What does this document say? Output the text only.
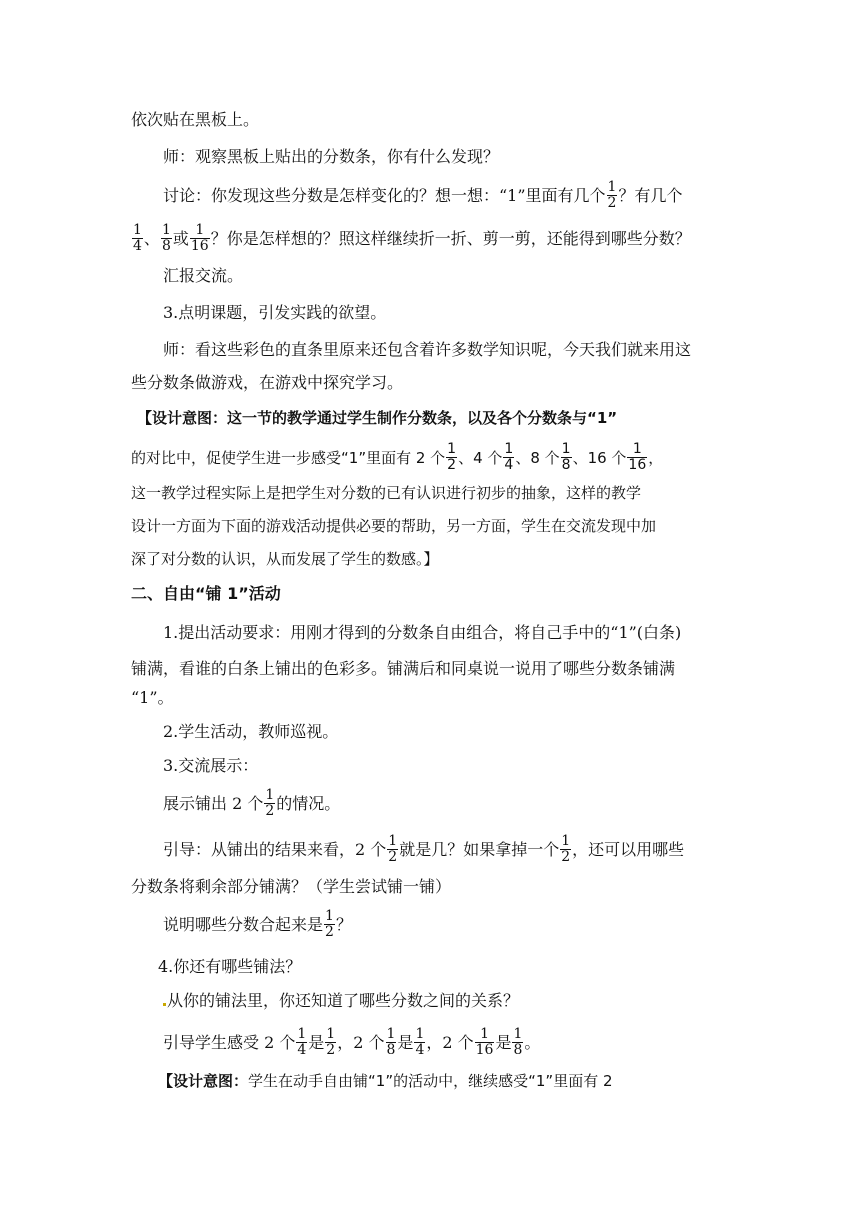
依次贴在黑板上。
师：观察黑板上贴出的分数条，你有什么发现？
讨论：你发现这些分数是怎样变化的？想一想：“1”里面有几个 $\frac{1}{2}$ ？有几个
$\frac{1}{4}$ 、 $\frac{1}{8}$ 或 $\frac{1}{16}$ ？你是怎样想的？照这样继续折一折、剪一剪，还能得到哪些分数？
汇报交流。
3.点明课题，引发实践的欲望。
师：看这些彩色的直条里原来还包含着许多数学知识呢，今天我们就来用这
些分数条做游戏，在游戏中探究学习。
【设计意图：这一节的教学通过学生制作分数条，以及各个分数条与“1”
的对比中，促使学生进一步感受“1”里面有 2 个 $\frac{1}{2}$ 、4 个 $\frac{1}{4}$ 、8 个 $\frac{1}{8}$ 、16 个 $\frac{1}{16}$ ，
这一教学过程实际上是把学生对分数的已有认识进行初步的抽象，这样的教学
设计一方面为下面的游戏活动提供必要的帮助，另一方面，学生在交流发现中加
深了对分数的认识，从而发展了学生的数感。】
二、自由“铺 1”活动
1.提出活动要求：用刚才得到的分数条自由组合，将自己手中的“1”(白条)
铺满，看谁的白条上铺出的色彩多。铺满后和同桌说一说用了哪些分数条铺满
“1”。
2.学生活动，教师巡视。
3.交流展示：
展示铺出 2 个 $\frac{1}{2}$ 的情况。
引导：从铺出的结果来看，2 个 $\frac{1}{2}$ 就是几？如果拿掉一个 $\frac{1}{2}$ ，还可以用哪些
分数条将剩余部分铺满？（学生尝试铺一铺）
说明哪些分数合起来是 $\frac{1}{2}$ ？
4.你还有哪些铺法？
从你的铺法里，你还知道了哪些分数之间的关系？
引导学生感受 2 个 $\frac{1}{4}$ 是 $\frac{1}{2}$ ，2 个 $\frac{1}{8}$ 是 $\frac{1}{4}$ ，2 个 $\frac{1}{16}$ 是 $\frac{1}{8}$ 。
【设计意图：学生在动手自由铺“1”的活动中，继续感受“1”里面有 2
